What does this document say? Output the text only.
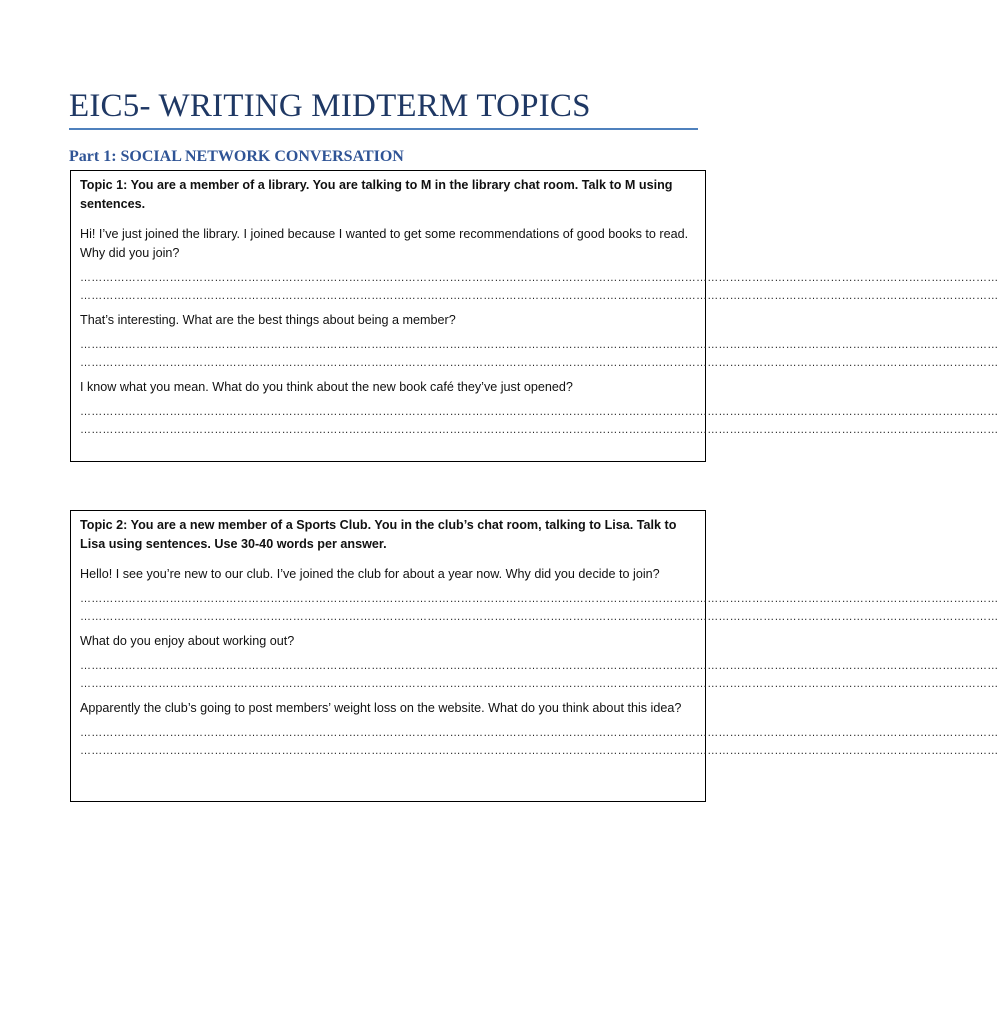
EIC5- WRITING MIDTERM TOPICS
Part 1: SOCIAL NETWORK CONVERSATION

Topic 1: You are a member of a library. You are talking to M in the library chat room. Talk to M using sentences.

Hi! I’ve just joined the library. I joined because I wanted to get some recommendations of good books to read. Why did you join?

…………………………………………………………………………………………………………………………………………………………………………………………………………………………
…………………………………………………………………………………………………………………………………………………………………………………………………………………………

That’s interesting. What are the best things about being a member?

…………………………………………………………………………………………………………………………………………………………………………………………………………………………
…………………………………………………………………………………………………………………………………………………………………………………………………………………………

I know what you mean. What do you think about the new book café they’ve just opened?

…………………………………………………………………………………………………………………………………………………………………………………………………………………………
…………………………………………………………………………………………………………………………………………………………………………………………………………………………

Topic 2: You are a new member of a Sports Club. You in the club’s chat room, talking to Lisa. Talk to Lisa using sentences. Use 30-40 words per answer.

Hello! I see you’re new to our club. I’ve joined the club for about a year now. Why did you decide to join?

…………………………………………………………………………………………………………………………………………………………………………………………………………………………
…………………………………………………………………………………………………………………………………………………………………………………………………………………………

What do you enjoy about working out?

…………………………………………………………………………………………………………………………………………………………………………………………………………………………
…………………………………………………………………………………………………………………………………………………………………………………………………………………………

Apparently the club’s going to post members’ weight loss on the website. What do you think about this idea?

…………………………………………………………………………………………………………………………………………………………………………………………………………………………
…………………………………………………………………………………………………………………………………………………………………………………………………………………………
